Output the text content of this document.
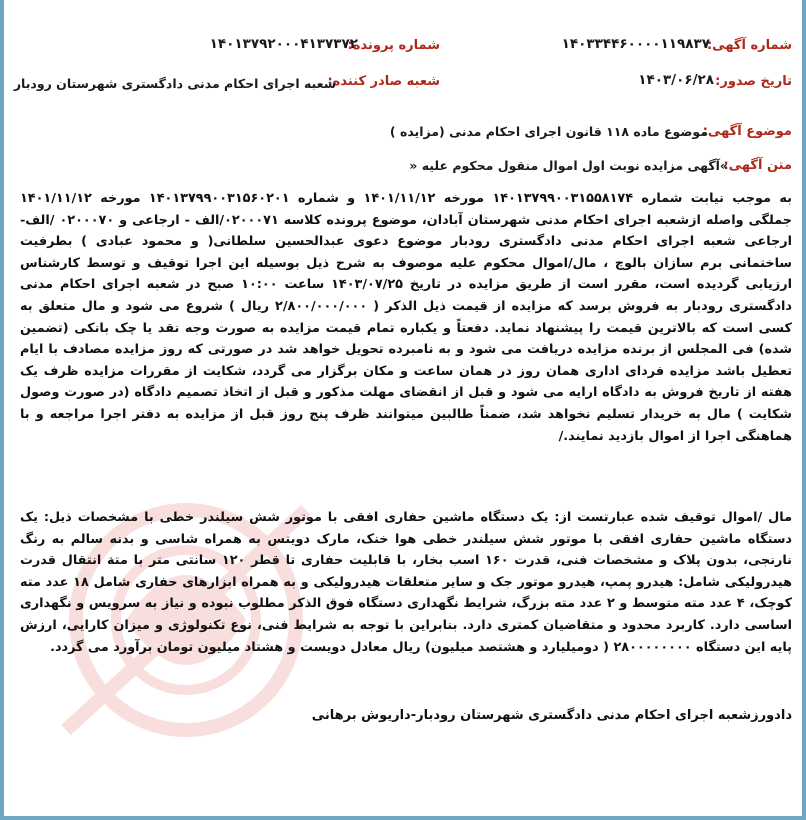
شماره آگهی:
۱۴۰۳۳۴۴۶۰۰۰۰۱۱۹۸۳۷
شماره پرونده:
۱۴۰۱۳۷۹۲۰۰۰۴۱۳۷۳۷۲
تاریخ صدور:
۱۴۰۳/۰۶/۲۸
شعبه صادر کننده:
شعبه اجرای احکام مدنی دادگستری شهرستان رودبار
موضوع آگهی:
موضوع ماده ۱۱۸ قانون اجرای احکام مدنی (مزایده )
متن آگهی:
»آگهی مزایده نوبت اول اموال منقول محکوم علیه «
به موجب نیابت شماره ۱۴۰۱۳۷۹۹۰۰۳۱۵۵۸۱۷۴ مورخه ۱۴۰۱/۱۱/۱۲ و شماره ۱۴۰۱۳۷۹۹۰۰۳۱۵۶۰۲۰۱ مورخه ۱۴۰۱/۱۱/۱۲ جملگی واصله ازشعبه اجرای احکام مدنی شهرستان آبادان، موضوع پرونده کلاسه ۰۲۰۰۰۷۱/الف - ارجاعی و ۰۲۰۰۰۷۰ /الف- ارجاعی شعبه اجرای احکام مدنی دادگستری رودبار موضوع دعوی عبدالحسین سلطانی( و محمود عبادی ) بطرفیت ساختمانی برم سازان بالوچ ، مال/اموال محکوم علیه موصوف به شرح ذیل بوسیله این اجرا توقیف و توسط کارشناس ارزیابی گردیده است، مقرر است از طریق مزایده در تاریخ ۱۴۰۳/۰۷/۲۵ ساعت ۱۰:۰۰ صبح در شعبه اجرای احکام مدنی دادگستری رودبار به فروش برسد که مزایده از قیمت ذیل الذکر ( ۲/۸۰۰/۰۰۰/۰۰۰ ریال ) شروع می شود و مال متعلق به کسی است که بالاترین قیمت را پیشنهاد نماید. دفعتاً و یکباره تمام قیمت مزایده به صورت وجه نقد یا چک بانکی (تضمین شده) فی المجلس از برنده مزایده دریافت می شود و به نامبرده تحویل خواهد شد در صورتی که روز مزایده مصادف با ایام تعطیل باشد مزایده فردای اداری همان روز در همان ساعت و مکان برگزار می گردد، شکایت از مقررات مزایده ظرف یک هفته از تاریخ فروش به دادگاه ارایه می شود و قبل از انقضای مهلت مذکور و قبل از اتخاذ تصمیم دادگاه (در صورت وصول شکایت ) مال به خریدار تسلیم نخواهد شد، ضمناً طالبین میتوانند ظرف پنج روز قبل از مزایده به دفتر اجرا مراجعه و با هماهنگی اجرا از اموال بازدید نمایند./
مال /اموال توقیف شده عبارتست از: یک دستگاه ماشین حفاری افقی با موتور شش سیلندر خطی با مشخصات ذیل: یک دستگاه ماشین حفاری افقی با موتور شش سیلندر خطی هوا خنک، مارک دویتس به همراه شاسی و بدنه سالم به رنگ نارنجی، بدون پلاک و مشخصات فنی، قدرت ۱۶۰ اسب بخار، با قابلیت حفاری تا قطر ۱۲۰ سانتی متر با متة انتقال قدرت هیدرولیکی شامل: هیدرو پمپ، هیدرو موتور جک و سایر متعلقات هیدرولیکی و به همراه ابزارهای حفاری شامل ۱۸ عدد مته کوچک، ۴ عدد مته متوسط و ۲ عدد مته بزرگ، شرایط نگهداری دستگاه فوق الذکر مطلوب نبوده و نیاز به سرویس و نگهداری اساسی دارد. کاربرد محدود و متقاضیان کمتری دارد. بنابراین با توجه به شرایط فنی، نوع تکنولوژی و میزان کارایی، ارزش پایه این دستگاه ۲۸۰۰۰۰۰۰۰۰ ( دومیلیارد و هشتصد میلیون) ریال معادل دویست و هشتاد میلیون تومان برآورد می گردد.
دادورزشعبه اجرای احکام مدنی دادگستری شهرستان رودبار-داریوش برهانی
